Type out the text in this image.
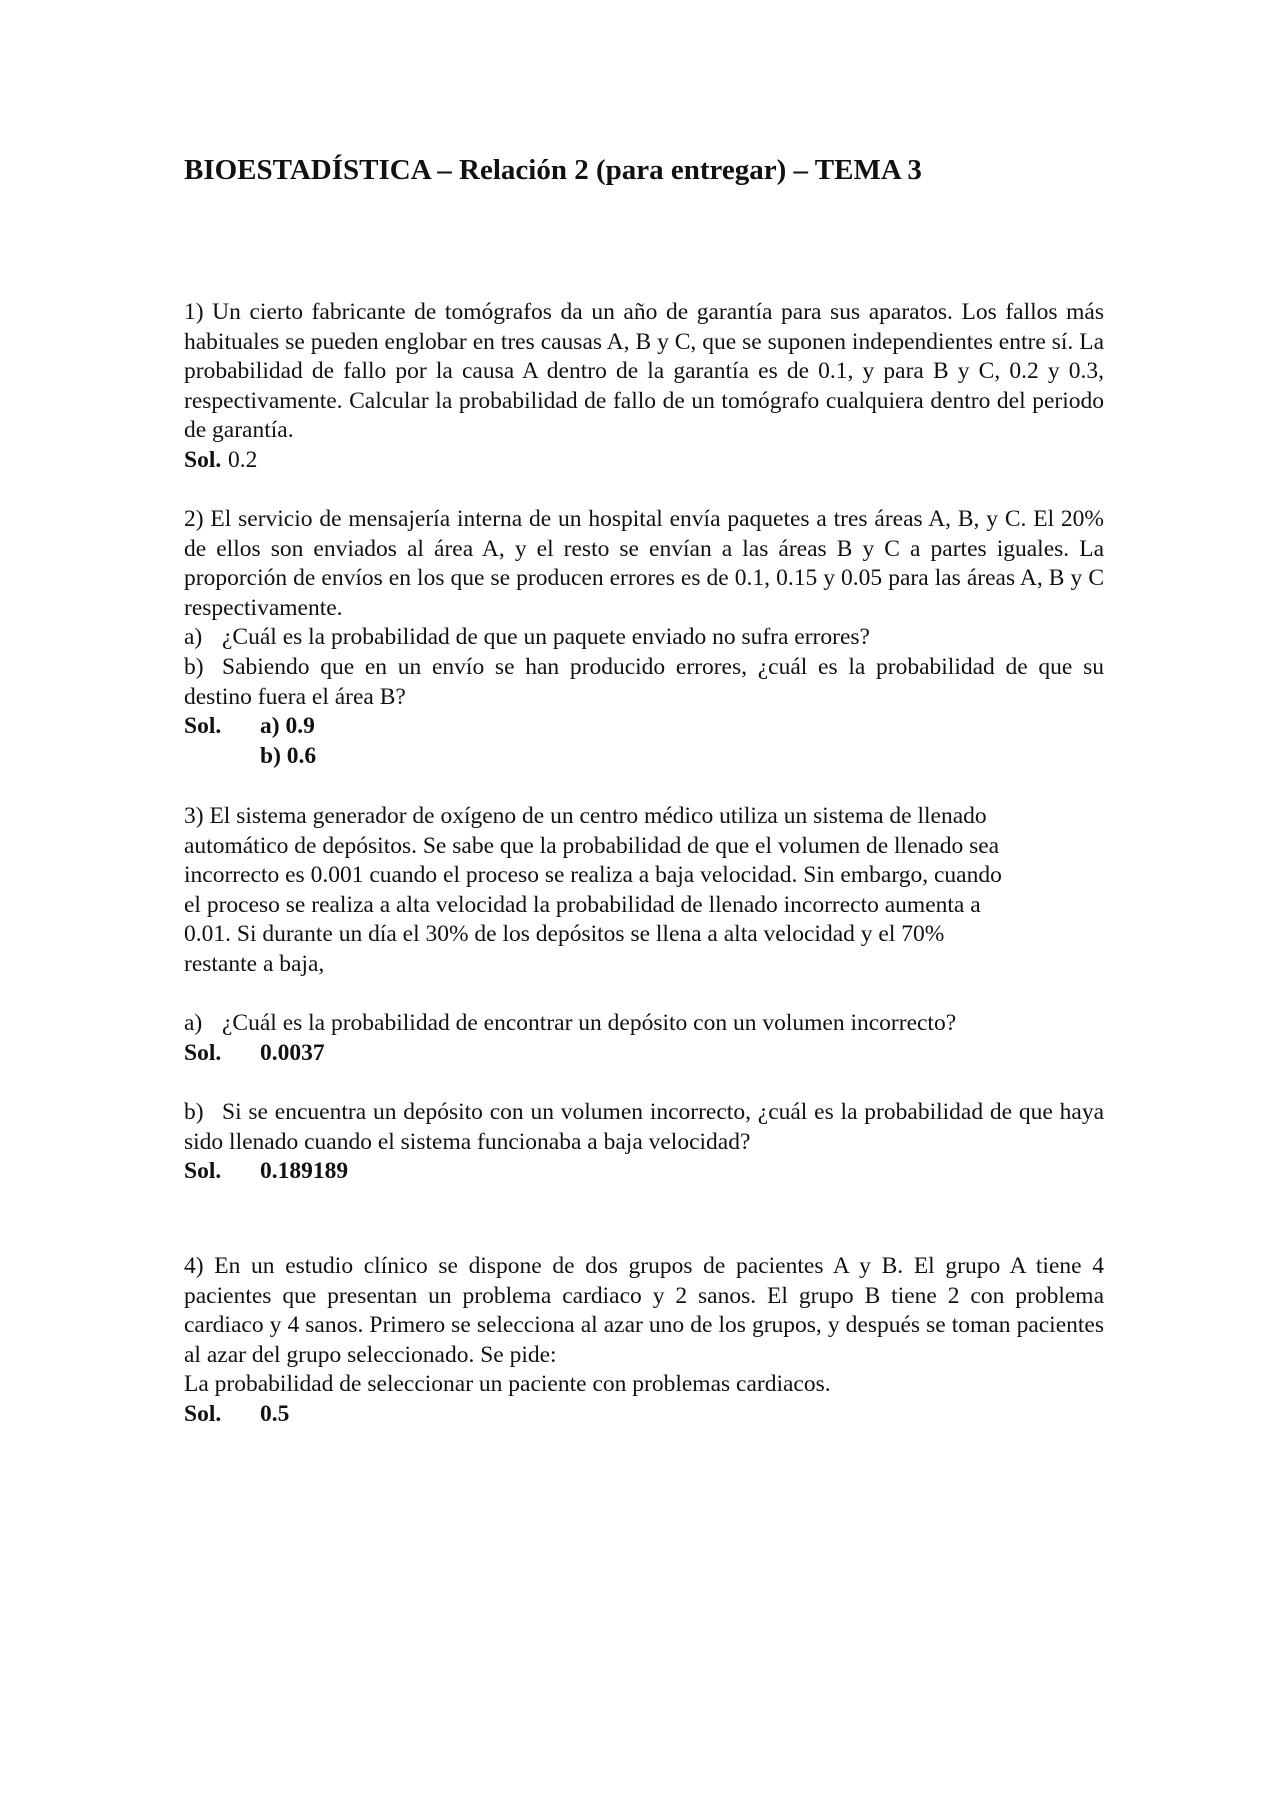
BIOESTADÍSTICA – Relación 2 (para entregar) – TEMA 3

1) Un cierto fabricante de tomógrafos da un año de garantía para sus aparatos. Los fallos más habituales se pueden englobar en tres causas A, B y C, que se suponen independientes entre sí. La probabilidad de fallo por la causa A dentro de la garantía es de 0.1, y para B y C, 0.2 y 0.3, respectivamente. Calcular la probabilidad de fallo de un tomógrafo cualquiera dentro del periodo de garantía.

Sol. 0.2

2) El servicio de mensajería interna de un hospital envía paquetes a tres áreas A, B, y C. El 20% de ellos son enviados al área A, y el resto se envían a las áreas B y C a partes iguales. La proporción de envíos en los que se producen errores es de 0.1, 0.15 y 0.05 para las áreas A, B y C respectivamente.

a) ¿Cuál es la probabilidad de que un paquete enviado no sufra errores?

b) Sabiendo que en un envío se han producido errores, ¿cuál es la probabilidad de que su destino fuera el área B?

Sol. a) 0.9

b) 0.6

3) El sistema generador de oxígeno de un centro médico utiliza un sistema de llenado

automático de depósitos. Se sabe que la probabilidad de que el volumen de llenado sea

incorrecto es 0.001 cuando el proceso se realiza a baja velocidad. Sin embargo, cuando

el proceso se realiza a alta velocidad la probabilidad de llenado incorrecto aumenta a

0.01. Si durante un día el 30% de los depósitos se llena a alta velocidad y el 70%

restante a baja,

a) ¿Cuál es la probabilidad de encontrar un depósito con un volumen incorrecto?

Sol. 0.0037

b) Si se encuentra un depósito con un volumen incorrecto, ¿cuál es la probabilidad de que haya sido llenado cuando el sistema funcionaba a baja velocidad?

Sol. 0.189189

4) En un estudio clínico se dispone de dos grupos de pacientes A y B. El grupo A tiene 4 pacientes que presentan un problema cardiaco y 2 sanos. El grupo B tiene 2 con problema cardiaco y 4 sanos. Primero se selecciona al azar uno de los grupos, y después se toman pacientes al azar del grupo seleccionado. Se pide:

La probabilidad de seleccionar un paciente con problemas cardiacos.

Sol. 0.5
